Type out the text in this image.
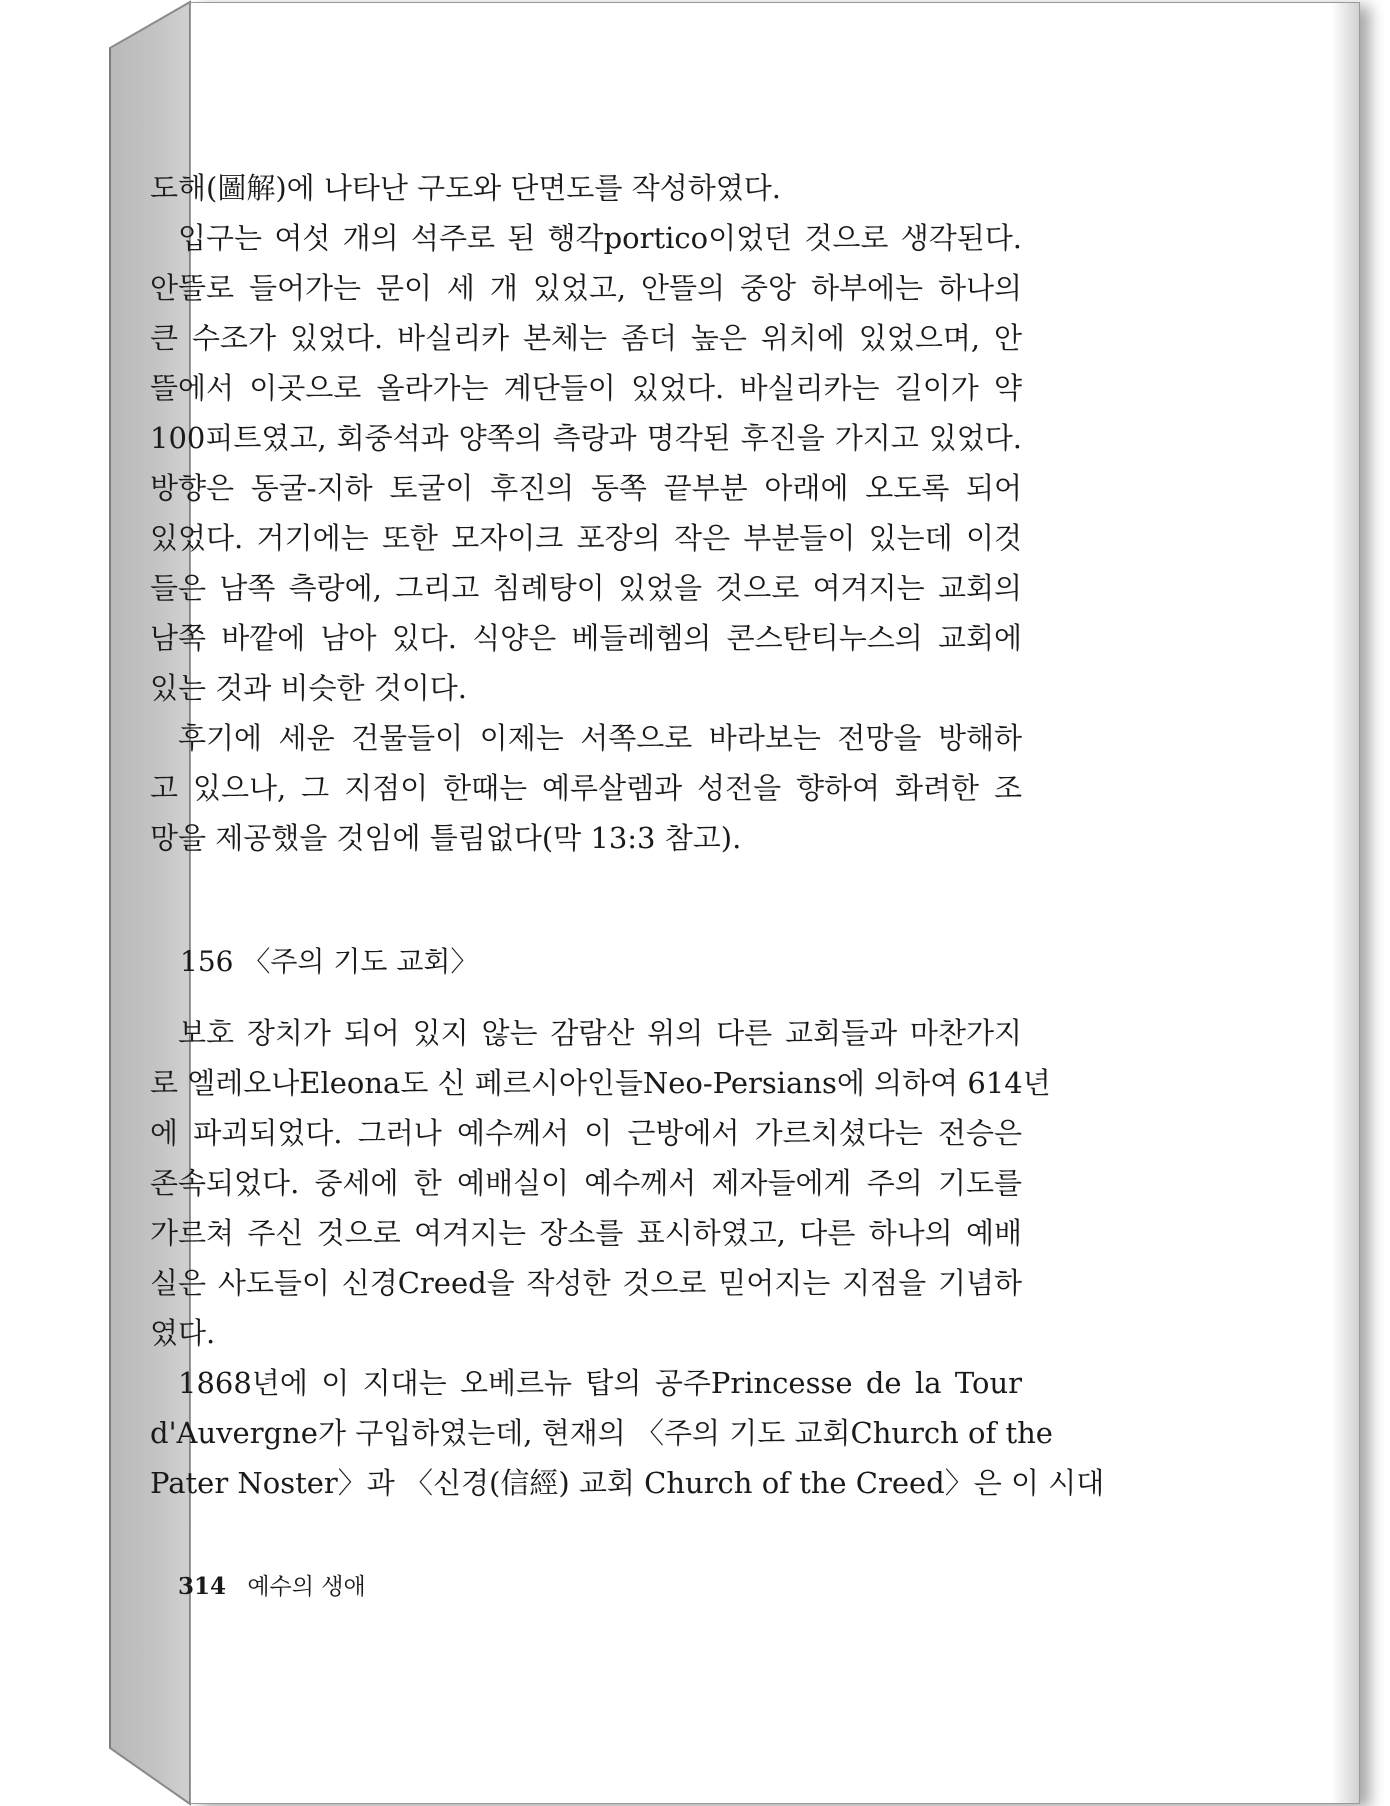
도해(圖解)에 나타난 구도와 단면도를 작성하였다.
입구는 여섯 개의 석주로 된 행각portico이었던 것으로 생각된다.
안뜰로 들어가는 문이 세 개 있었고, 안뜰의 중앙 하부에는 하나의
큰 수조가 있었다. 바실리카 본체는 좀더 높은 위치에 있었으며, 안
뜰에서 이곳으로 올라가는 계단들이 있었다. 바실리카는 길이가 약
100피트였고, 회중석과 양쪽의 측랑과 명각된 후진을 가지고 있었다.
방향은 동굴-지하 토굴이 후진의 동쪽 끝부분 아래에 오도록 되어
있었다. 거기에는 또한 모자이크 포장의 작은 부분들이 있는데 이것
들은 남쪽 측랑에, 그리고 침례탕이 있었을 것으로 여겨지는 교회의
남쪽 바깥에 남아 있다. 식양은 베들레헴의 콘스탄티누스의 교회에
있는 것과 비슷한 것이다.
후기에 세운 건물들이 이제는 서쪽으로 바라보는 전망을 방해하
고 있으나, 그 지점이 한때는 예루살렘과 성전을 향하여 화려한 조
망을 제공했을 것임에 틀림없다(막 13:3 참고).
156 〈주의 기도 교회〉
보호 장치가 되어 있지 않는 감람산 위의 다른 교회들과 마찬가지
로 엘레오나Eleona도 신 페르시아인들Neo-Persians에 의하여 614년
에 파괴되었다. 그러나 예수께서 이 근방에서 가르치셨다는 전승은
존속되었다. 중세에 한 예배실이 예수께서 제자들에게 주의 기도를
가르쳐 주신 것으로 여겨지는 장소를 표시하였고, 다른 하나의 예배
실은 사도들이 신경Creed을 작성한 것으로 믿어지는 지점을 기념하
였다.
1868년에 이 지대는 오베르뉴 탑의 공주Princesse de la Tour
d'Auvergne가 구입하였는데, 현재의 〈주의 기도 교회Church of the
Pater Noster〉과 〈신경(信經) 교회 Church of the Creed〉은 이 시대
314 예수의 생애
